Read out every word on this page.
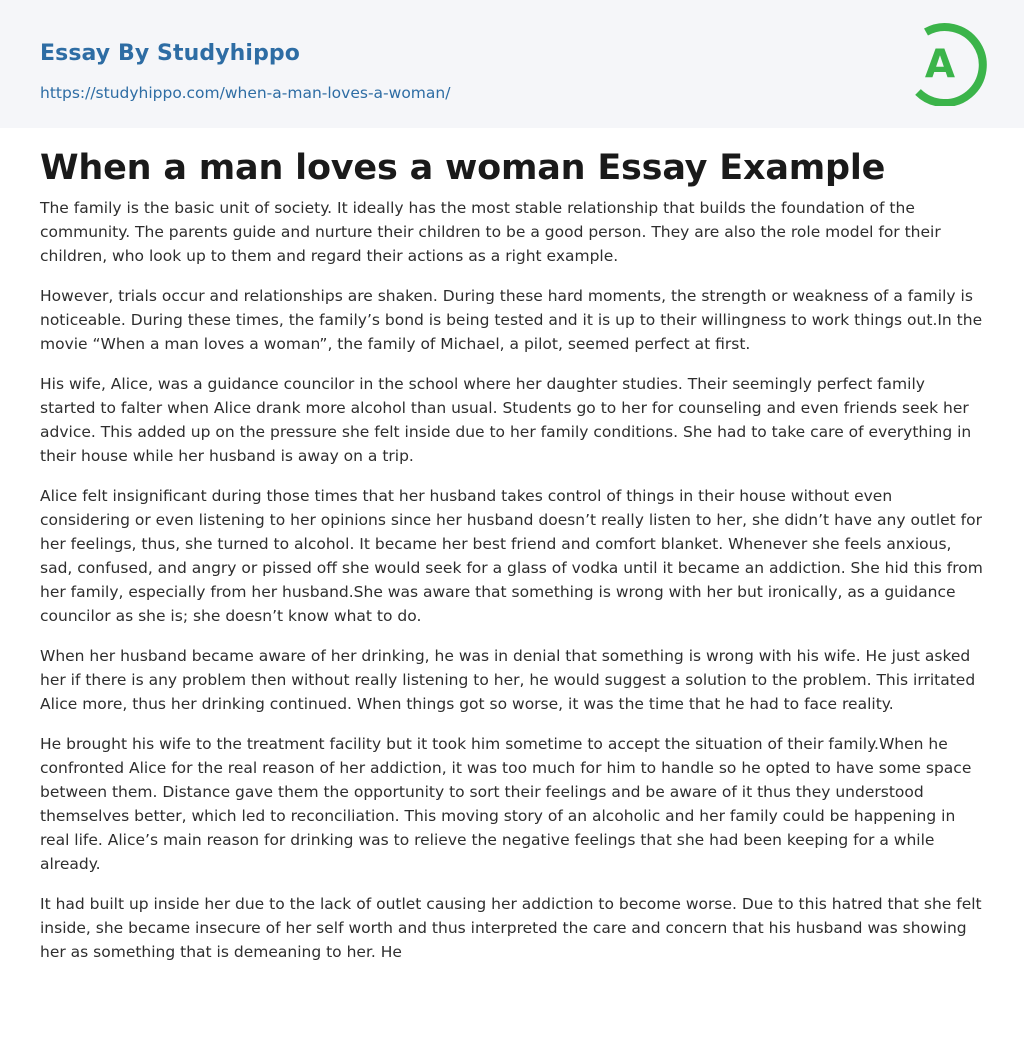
Essay By Studyhippo
https://studyhippo.com/when-a-man-loves-a-woman/
A
When a man loves a woman Essay Example

The family is the basic unit of society. It ideally has the most stable relationship that builds the foundation of the community. The parents guide and nurture their children to be a good person. They are also the role model for their children, who look up to them and regard their actions as a right example.

However, trials occur and relationships are shaken. During these hard moments, the strength or weakness of a family is noticeable. During these times, the family’s bond is being tested and it is up to their willingness to work things out.In the movie “When a man loves a woman”, the family of Michael, a pilot, seemed perfect at first.

His wife, Alice, was a guidance councilor in the school where her daughter studies. Their seemingly perfect family started to falter when Alice drank more alcohol than usual. Students go to her for counseling and even friends seek her advice. This added up on the pressure she felt inside due to her family conditions. She had to take care of everything in their house while her husband is away on a trip.

Alice felt insignificant during those times that her husband takes control of things in their house without even considering or even listening to her opinions since her husband doesn’t really listen to her, she didn’t have any outlet for her feelings, thus, she turned to alcohol. It became her best friend and comfort blanket. Whenever she feels anxious, sad, confused, and angry or pissed off she would seek for a glass of vodka until it became an addiction. She hid this from her family, especially from her husband.She was aware that something is wrong with her but ironically, as a guidance councilor as she is; she doesn’t know what to do.

When her husband became aware of her drinking, he was in denial that something is wrong with his wife. He just asked her if there is any problem then without really listening to her, he would suggest a solution to the problem. This irritated Alice more, thus her drinking continued. When things got so worse, it was the time that he had to face reality.

He brought his wife to the treatment facility but it took him sometime to accept the situation of their family.When he confronted Alice for the real reason of her addiction, it was too much for him to handle so he opted to have some space between them. Distance gave them the opportunity to sort their feelings and be aware of it thus they understood themselves better, which led to reconciliation. This moving story of an alcoholic and her family could be happening in real life. Alice’s main reason for drinking was to relieve the negative feelings that she had been keeping for a while already.

It had built up inside her due to the lack of outlet causing her addiction to become worse. Due to this hatred that she felt inside, she became insecure of her self worth and thus interpreted the care and concern that his husband was showing her as something that is demeaning to her. He
